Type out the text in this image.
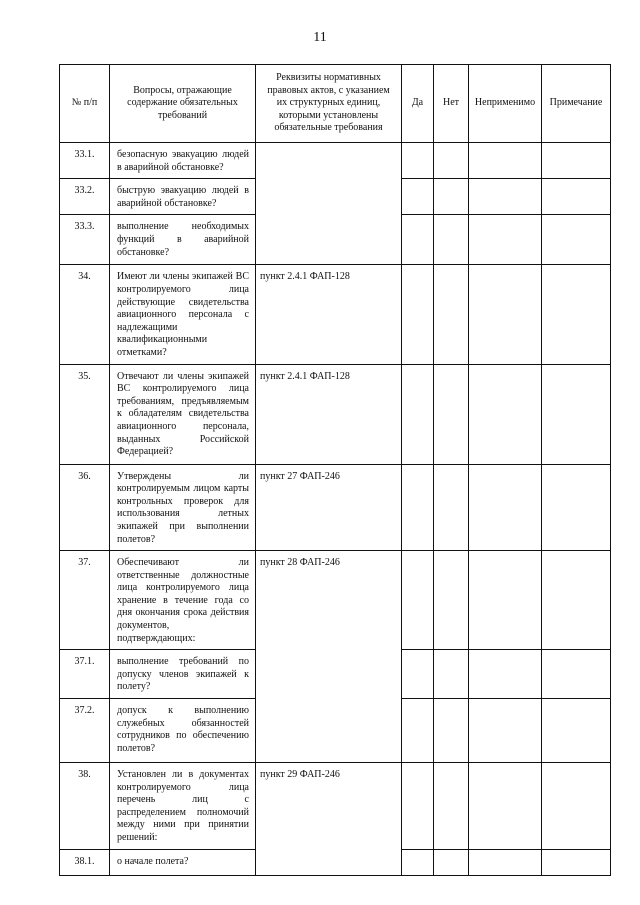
11
№ п/п	Вопросы, отражающие содержание обязательных требований	Реквизиты нормативных правовых актов, с указанием их структурных единиц, которыми установлены обязательные требования	Да	Нет	Неприменимо	Примечание

33.1.	безопасную эвакуацию людей в аварийной обстановке?					

33.2.	быструю эвакуацию людей в аварийной обстановке?					

33.3.	выполнение необходимых функций в аварийной обстановке?					

34.	Имеют ли члены экипажей ВС контролируемого лица действующие свидетельства авиационного персонала с надлежащими квалификационными отметками?	пункт 2.4.1 ФАП-128				
35.	Отвечают ли члены экипажей ВС контролируемого лица требованиям, предъявляемым к обладателям свидетельства авиационного персонала, выданных Российской Федерацией?	пункт 2.4.1 ФАП-128				
36.	Утверждены ли контролируемым лицом карты контрольных проверок для использования летных экипажей при выполнении полетов?	пункт 27 ФАП-246				
37.	Обеспечивают ли ответственные должностные лица контролируемого лица хранение в течение года со дня окончания срока действия документов, подтверждающих:	пункт 28 ФАП-246				
37.1.	выполнение требований по допуску членов экипажей к полету?					

37.2.	допуск к выполнению служебных обязанностей сотрудников по обеспечению полетов?					

38.	Установлен ли в документах контролируемого лица перечень лиц с распределением полномочий между ними при принятии решений:	пункт 29 ФАП-246				
38.1.	о начале полета?					
